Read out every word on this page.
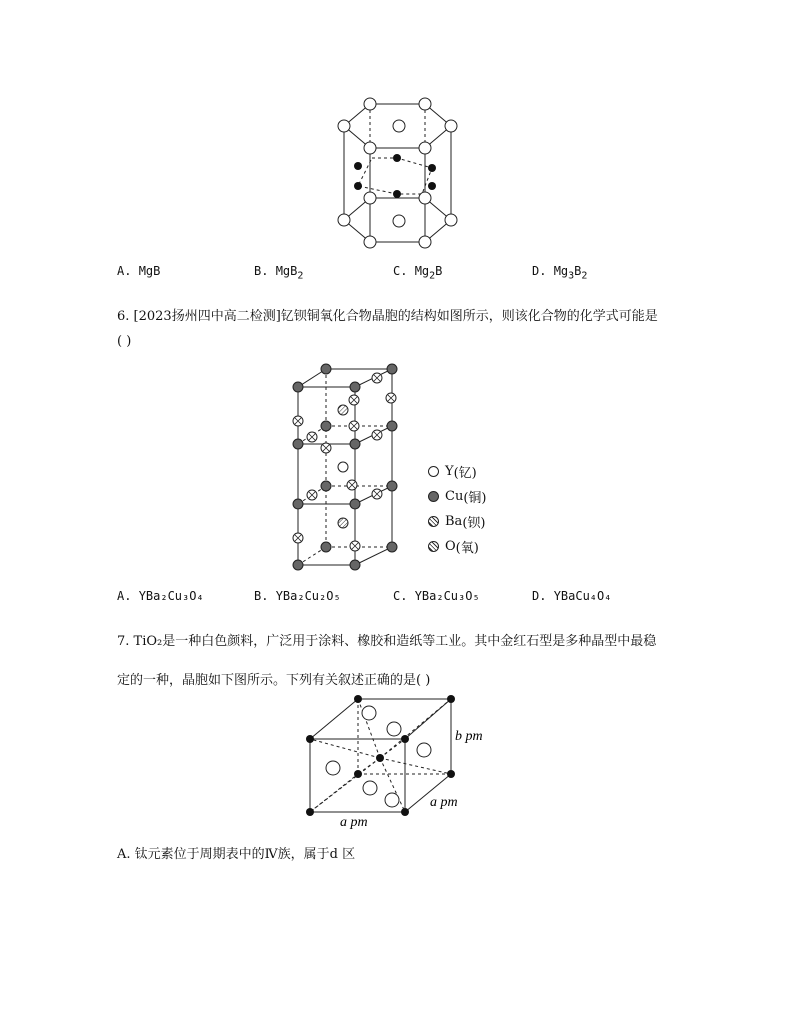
A. MgB	B. MgB$_2$	C. $Mg_2B$	D. $Mg_3B_2$
6. [2023扬州四中高二检测]钇钡铜氧化合物晶胞的结构如图所示，则该化合物的化学式可能是
( )
Y (钇)
Cu (铜)
Ba (钡)
O (氧)
A. YBa₂Cu₃O₄	B. YBa₂Cu₂O₅	C. YBa₂Cu₃O₅	D. YBaCu₄O₄
7. TiO₂是一种白色颜料，广泛用于涂料、橡胶和造纸等工业。其中金红石型是多种晶型中最稳
定的一种，晶胞如下图所示。下列有关叙述正确的是( )
b pm
a pm
a pm
A. 钛元素位于周期表中的Ⅳ族，属于d 区
